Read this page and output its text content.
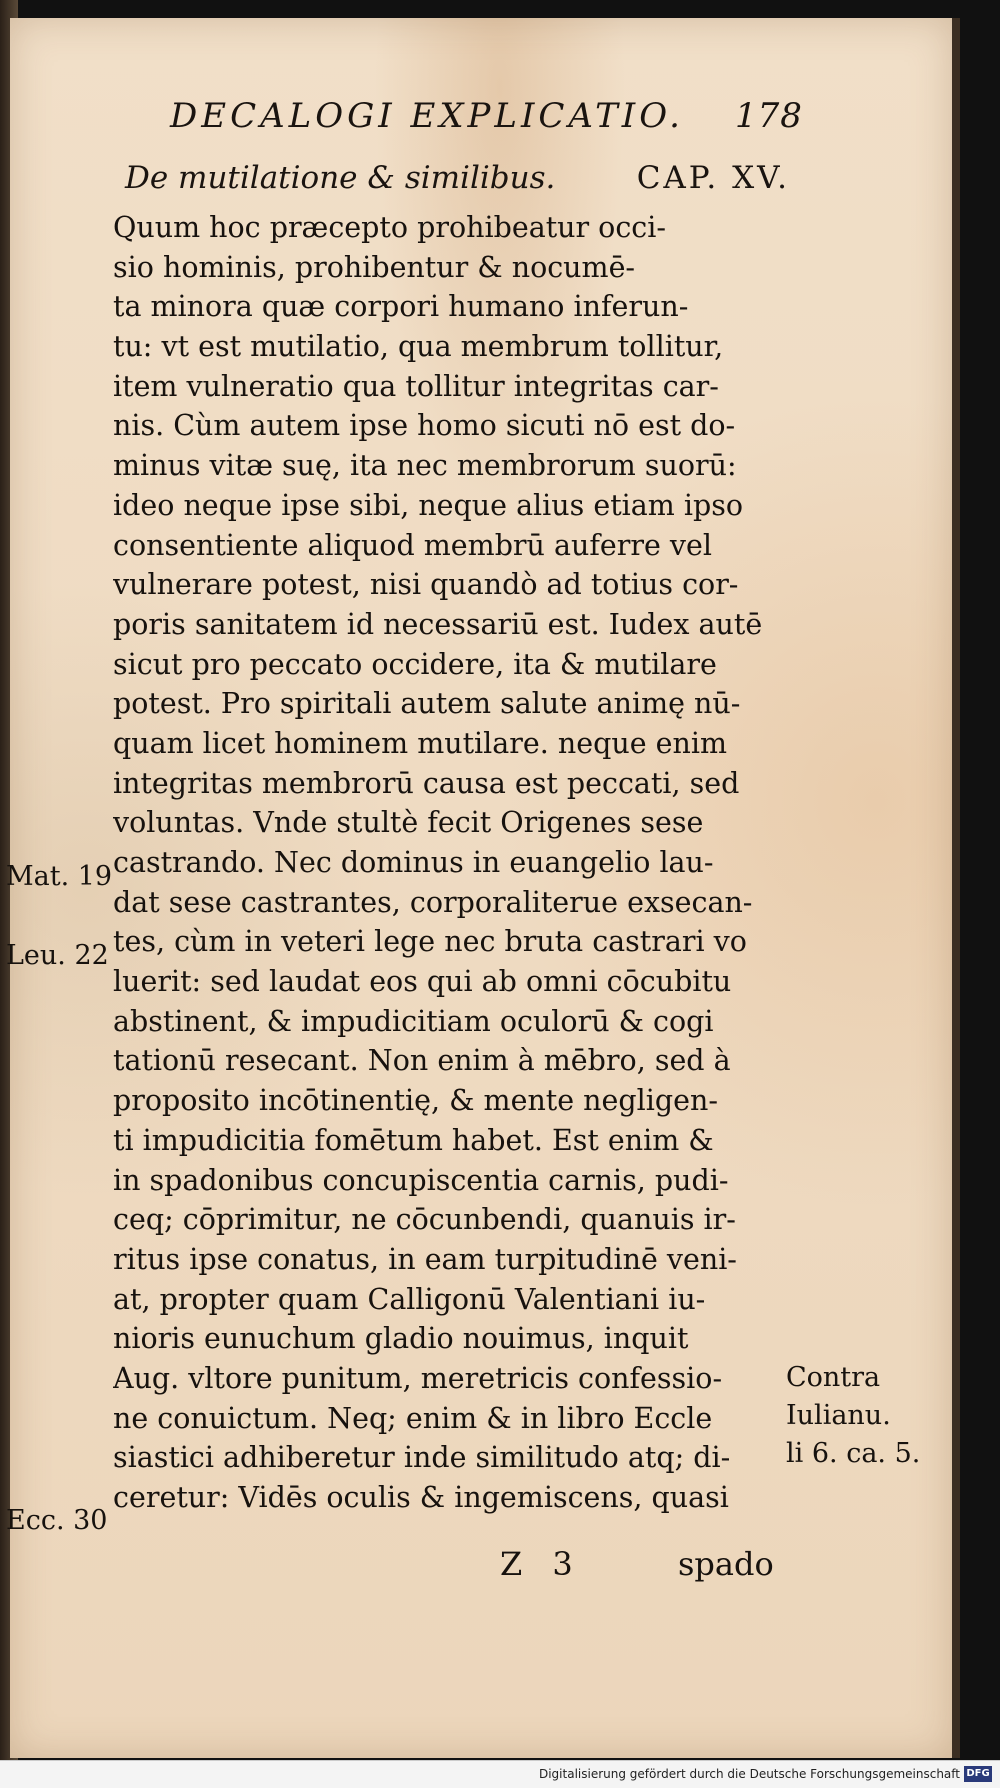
DECALOGI EXPLICATIO. 178
De mutilatione & similibus.	CAP. XV.
Quum hoc præcepto prohibeatur occi-
sio hominis, prohibentur & nocumē-
ta minora quæ corpori humano inferun-
tu: vt est mutilatio, qua membrum tollitur,
item vulneratio qua tollitur integritas car-
nis. Cùm autem ipse homo sicuti nō est do-
minus vitæ suę, ita nec membrorum suorū:
ideo neque ipse sibi, neque alius etiam ipso
consentiente aliquod membrū auferre vel
vulnerare potest, nisi quandò ad totius cor-
poris sanitatem id necessariū est. Iudex autē
sicut pro peccato occidere, ita & mutilare
potest. Pro spiritali autem salute animę nū-
quam licet hominem mutilare. neque enim
integritas membrorū causa est peccati, sed
voluntas. Vnde stultè fecit Origenes sese
castrando. Nec dominus in euangelio lau-
dat sese castrantes, corporaliterue exsecan-
tes, cùm in veteri lege nec bruta castrari vo
luerit: sed laudat eos qui ab omni cōcubitu
abstinent, & impudicitiam oculorū & cogi
tationū resecant. Non enim à mēbro, sed à
proposito incōtinentię, & mente negligen-
ti impudicitia fomētum habet. Est enim &
in spadonibus concupiscentia carnis, pudi-
ceq; cōprimitur, ne cōcunbendi, quanuis ir-
ritus ipse conatus, in eam turpitudinē veni-
at, propter quam Calligonū Valentiani iu-
nioris eunuchum gladio nouimus, inquit
Aug. vltore punitum, meretricis confessio-
ne conuictum. Neq; enim & in libro Eccle
siastici adhiberetur inde similitudo atq; di-
ceretur: Vidēs oculis & ingemiscens, quasi
Mat. 19
Leu. 22
Contra
Iulianu.
li 6. ca. 5.
Ecc. 30
Z 3	spado
Digitalisierung gefördert durch die Deutsche Forschungsgemeinschaft DFG
